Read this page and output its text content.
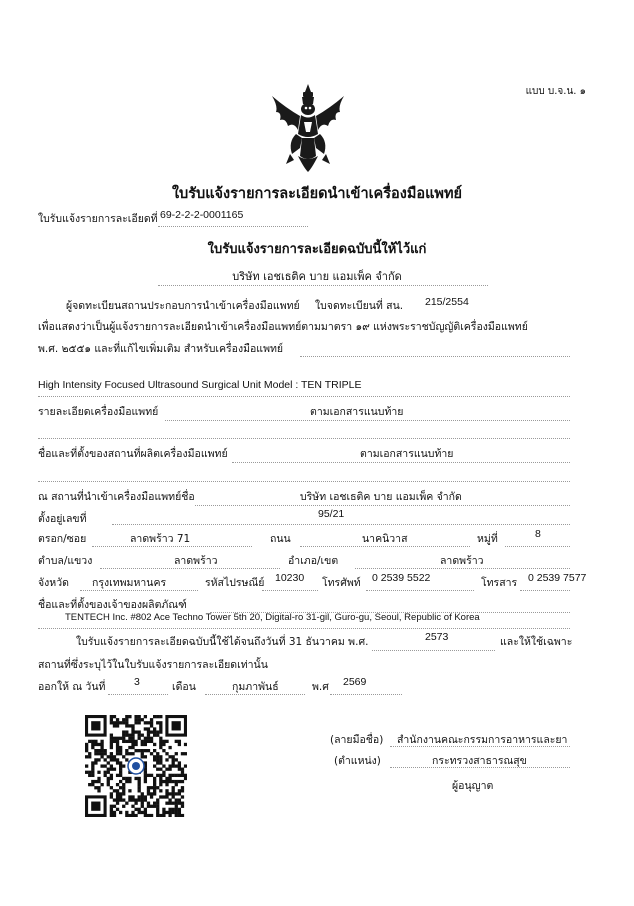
แบบ บ.จ.น. ๑
ใบรับแจ้งรายการละเอียดนำเข้าเครื่องมือแพทย์
ใบรับแจ้งรายการละเอียดที่ 69-2-2-2-0001165
ใบรับแจ้งรายการละเอียดฉบับนี้ให้ไว้แก่
บริษัท เอชเธติค บาย แอมเพ็ค จำกัด
ผู้จดทะเบียนสถานประกอบการนำเข้าเครื่องมือแพทย์ ใบจดทะเบียนที่ สน. 215/2554
เพื่อแสดงว่าเป็นผู้แจ้งรายการละเอียดนำเข้าเครื่องมือแพทย์ตามมาตรา ๑๙ แห่งพระราชบัญญัติเครื่องมือแพทย์
พ.ศ. ๒๕๕๑ และที่แก้ไขเพิ่มเติม สำหรับเครื่องมือแพทย์
High Intensity Focused Ultrasound Surgical Unit Model : TEN TRIPLE
รายละเอียดเครื่องมือแพทย์	ตามเอกสารแนบท้าย
ชื่อและที่ตั้งของสถานที่ผลิตเครื่องมือแพทย์	ตามเอกสารแนบท้าย
ณ สถานที่นำเข้าเครื่องมือแพทย์ชื่อ	บริษัท เอชเธติค บาย แอมเพ็ค จำกัด
ตั้งอยู่เลขที่	95/21
ตรอก/ซอย	ลาดพร้าว 71	ถนน	นาคนิวาส	หมู่ที่	8
ตำบล/แขวง	ลาดพร้าว	อำเภอ/เขต	ลาดพร้าว
จังหวัด กรุงเทพมหานคร	รหัสไปรษณีย์ 10230 โทรศัพท์ 0 2539 5522	โทรสาร 0 2539 7577
ชื่อและที่ตั้งของเจ้าของผลิตภัณฑ์
TENTECH Inc. #802 Ace Techno Tower 5th 20, Digital-ro 31-gil, Guro-gu, Seoul, Republic of Korea
ใบรับแจ้งรายการละเอียดฉบับนี้ใช้ได้จนถึงวันที่ 31 ธันวาคม พ.ศ.	2573	และให้ใช้เฉพาะ
สถานที่ซึ่งระบุไว้ในใบรับแจ้งรายการละเอียดเท่านั้น
ออกให้ ณ วันที่	3	เดือน	กุมภาพันธ์	พ.ศ 2569
(ลายมือชื่อ) สำนักงานคณะกรรมการอาหารและยา
(ตำแหน่ง)	กระทรวงสาธารณสุข
ผู้อนุญาต
